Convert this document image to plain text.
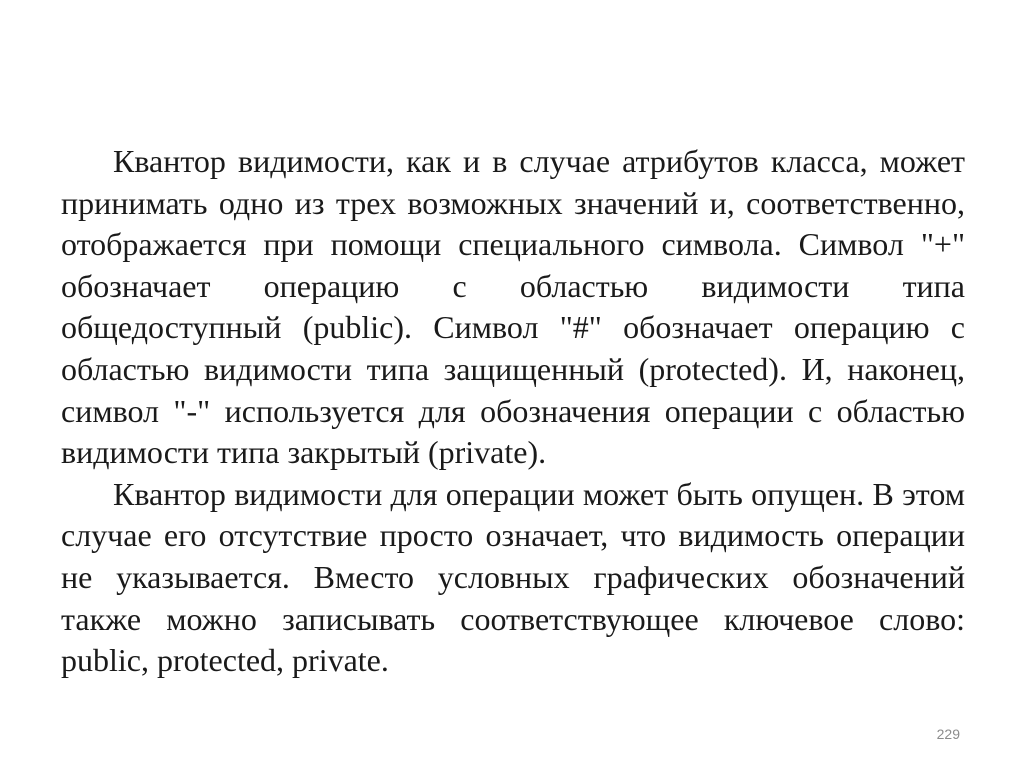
Квантор видимости, как и в случае атрибутов класса, может принимать одно из трех возможных значений и, соответственно, отображается при помощи специального символа. Символ "+" обозначает операцию с областью видимости типа общедоступный (public). Символ "#" обозначает операцию с областью видимости типа защищенный (protected). И, наконец, символ "-" используется для обозначения операции с областью видимости типа закрытый (private).

Квантор видимости для операции может быть опущен. В этом случае его отсутствие просто означает, что видимость операции не указывается. Вместо условных графических обозначений также можно записывать соответствующее ключевое слово: public, protected, private.

229
